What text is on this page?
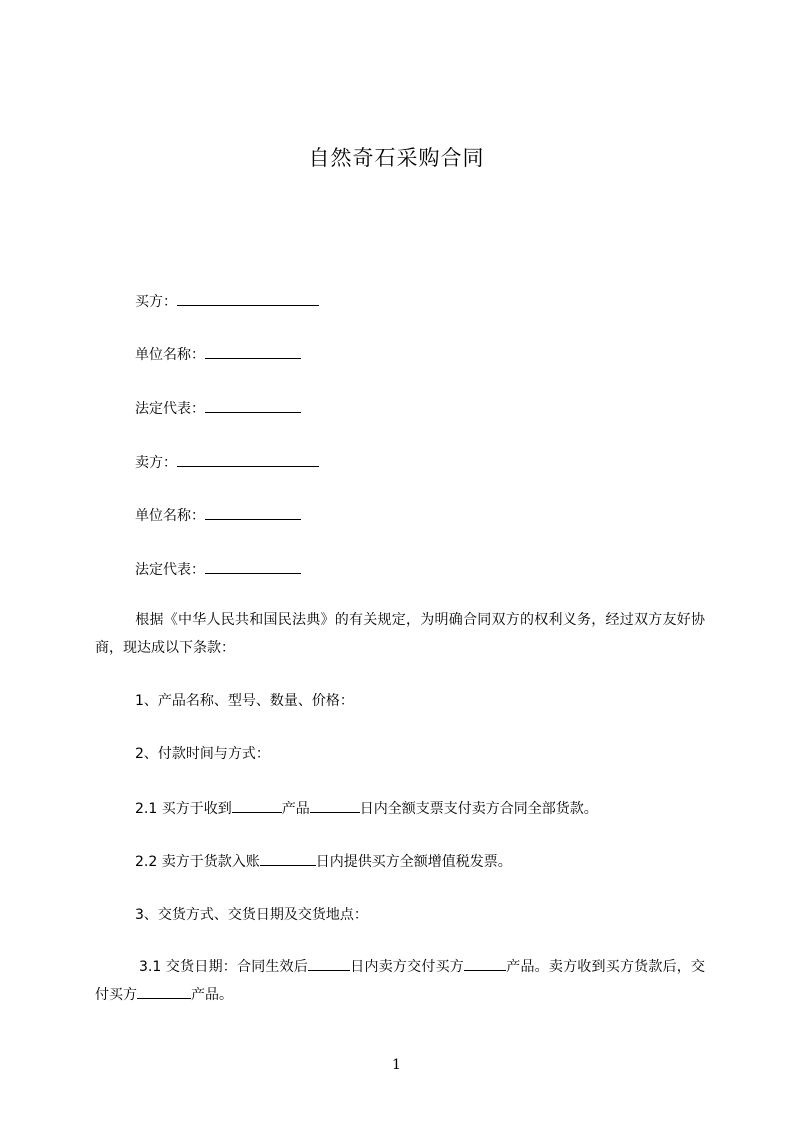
自然奇石采购合同
买方：
单位名称：
法定代表：
卖方：
单位名称：
法定代表：
根据《中华人民共和国民法典》的有关规定，为明确合同双方的权利义务，经过双方友好协商，现达成以下条款：
1、产品名称、型号、数量、价格：
2、付款时间与方式：
2.1 买方于收到	产品	日内全额支票支付卖方合同全部货款。
2.2 卖方于货款入账	日内提供买方全额增值税发票。
3、交货方式、交货日期及交货地点：
3.1 交货日期：合同生效后	日内卖方交付买方	产品。卖方收到买方货款后，交付买方	产品。
1
